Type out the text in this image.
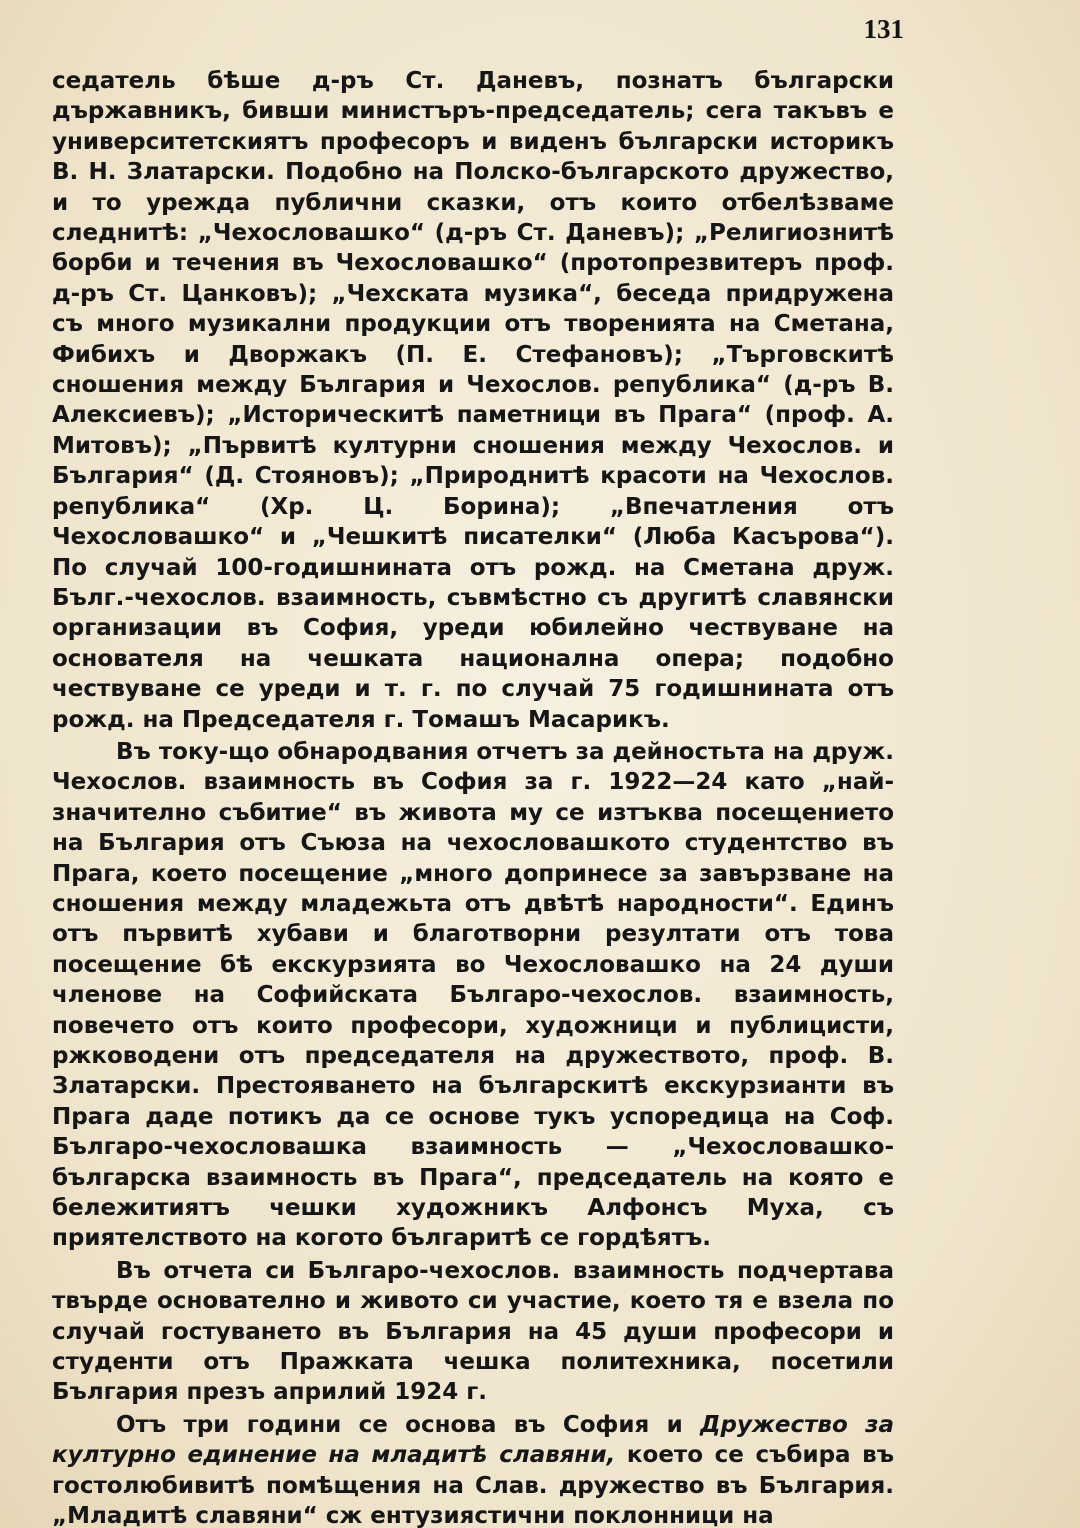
131

седатель бѣше д-ръ Ст. Даневъ, познатъ български държавникъ, бивши министъръ-председатель; сега такъвъ е университетскиятъ професоръ и виденъ български историкъ В. Н. Златарски. Подобно на Полско-българското дружество, и то урежда публични сказки, отъ които отбелѣзваме следнитѣ: „Чехословашко“ (д-ръ Ст. Даневъ); „Религиознитѣ борби и течения въ Чехословашко“ (протопрезвитеръ проф. д-ръ Ст. Цанковъ); „Чехската музика“, беседа придружена съ много музикални продукции отъ творенията на Сметана, Фибихъ и Дворжакъ (П. Е. Стефановъ); „Търговскитѣ сношения между България и Чехослов. република“ (д-ръ В. Алексиевъ); „Историческитѣ паметници въ Прага“ (проф. А. Митовъ); „Първитѣ културни сношения между Чехослов. и България“ (Д. Стояновъ); „Природнитѣ красоти на Чехослов. република“ (Хр. Ц. Борина); „Впечатления отъ Чехословашко“ и „Чешкитѣ писателки“ (Люба Касърова“). По случай 100-годишнината отъ рожд. на Сметана друж. Бълг.-чехослов. взаимность, съвмѣстно съ другитѣ славянски организации въ София, уреди юбилейно чествуване на основателя на чешката национална опера; подобно чествуване се уреди и т. г. по случай 75 годишнината отъ рожд. на Председателя г. Томашъ Масарикъ.

Въ току-що обнародвания отчетъ за дейностьта на друж. Чехослов. взаимность въ София за г. 1922—24 като „най-значително събитие“ въ живота му се изтъква посещението на България отъ Съюза на чехословашкото студентство въ Прага, което посещение „много допринесе за завързване на сношения между младежьта отъ двѣтѣ народности“. Единъ отъ първитѣ хубави и благотворни резултати отъ това посещение бѣ екскурзията во Чехословашко на 24 души членове на Софийската Българо-чехослов. взаимность, повечето отъ които професори, художници и публицисти, ржководени отъ председателя на дружеството, проф. В. Златарски. Престояването на българскитѣ екскурзианти въ Прага даде потикъ да се основе тукъ успоредица на Соф. Българо-чехословашка взаимность — „Чехословашко-българска взаимность въ Прага“, председатель на която е бележитиятъ чешки художникъ Алфонсъ Муха, съ приятелството на когото българитѣ се гордѣятъ.

Въ отчета си Българо-чехослов. взаимность подчертава твърде основателно и живото си участие, което тя е взела по случай гостуването въ България на 45 души професори и студенти отъ Пражката чешка политехника, посетили България презъ априлий 1924 г.

Отъ три години се основа въ София и Дружество за културно единение на младитѣ славяни, което се събира въ гостолюбивитѣ помѣщения на Слав. дружество въ България. „Младитѣ славяни“ сж ентузиястични поклонници на
